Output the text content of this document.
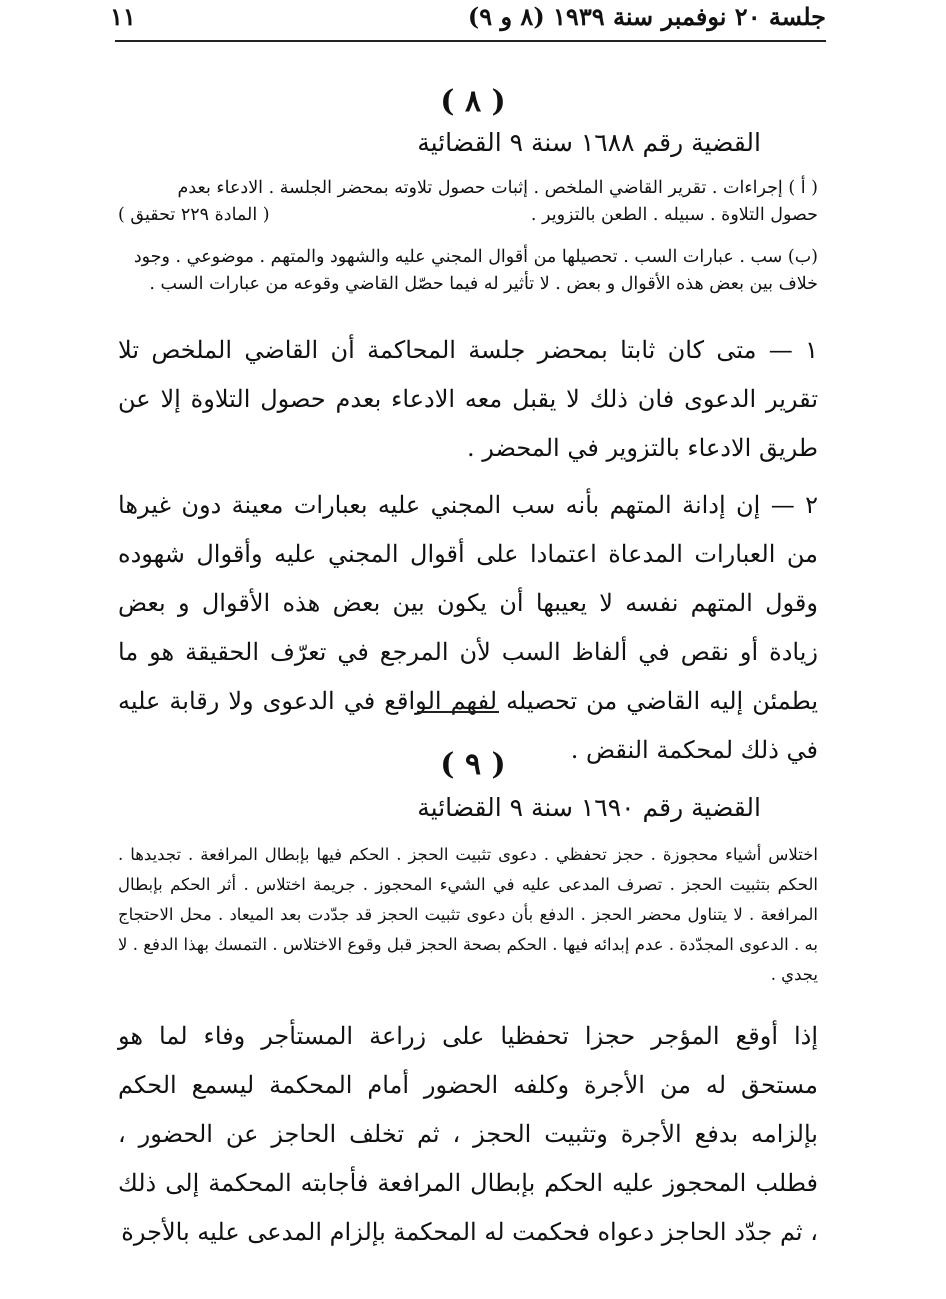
جلسة ٢٠ نوفمبر سنة ١٩٣٩ (٨ و ٩)
١١
( ٨ )
القضية رقم ١٦٨٨ سنة ٩ القضائية

( أ ) إجراءات . تقرير القاضي الملخص . إثبات حصول تلاوته بمحضر الجلسة . الادعاء بعدم

حصول التلاوة . سبيله . الطعن بالتزوير .
( المادة ٢٢٩ تحقيق )

(ب) سب . عبارات السب . تحصيلها من أقوال المجني عليه والشهود والمتهم . موضوعي . وجود

خلاف بين بعض هذه الأقوال و بعض . لا تأثير له فيما حصّل القاضي وقوعه من عبارات السب .

١ — متى كان ثابتا بمحضر جلسة المحاكمة أن القاضي الملخص تلا تقرير الدعوى فان ذلك لا يقبل معه الادعاء بعدم حصول التلاوة إلا عن طريق الادعاء بالتزوير في المحضر .

٢ — إن إدانة المتهم بأنه سب المجني عليه بعبارات معينة دون غيرها من العبارات المدعاة اعتمادا على أقوال المجني عليه وأقوال شهوده وقول المتهم نفسه لا يعيبها أن يكون بين بعض هذه الأقوال و بعض زيادة أو نقص في ألفاظ السب لأن المرجع في تعرّف الحقيقة هو ما يطمئن إليه القاضي من تحصيله لفهم الواقع في الدعوى ولا رقابة عليه في ذلك لمحكمة النقض .

( ٩ )
القضية رقم ١٦٩٠ سنة ٩ القضائية

اختلاس أشياء محجوزة . حجز تحفظي . دعوى تثبيت الحجز . الحكم فيها بإبطال المرافعة . تجديدها . الحكم بتثبيت الحجز . تصرف المدعى عليه في الشيء المحجوز . جريمة اختلاس . أثر الحكم بإبطال المرافعة . لا يتناول محضر الحجز . الدفع بأن دعوى تثبيت الحجز قد جدّدت بعد الميعاد . محل الاحتجاج به . الدعوى المجدّدة . عدم إبدائه فيها . الحكم بصحة الحجز قبل وقوع الاختلاس . التمسك بهذا الدفع . لا يجدي .

إذا أوقع المؤجر حجزا تحفظيا على زراعة المستأجر وفاء لما هو مستحق له من الأجرة وكلفه الحضور أمام المحكمة ليسمع الحكم بإلزامه بدفع الأجرة وتثبيت الحجز ، ثم تخلف الحاجز عن الحضور ، فطلب المحجوز عليه الحكم بإبطال المرافعة فأجابته المحكمة إلى ذلك ، ثم جدّد الحاجز دعواه فحكمت له المحكمة بإلزام المدعى عليه بالأجرة
